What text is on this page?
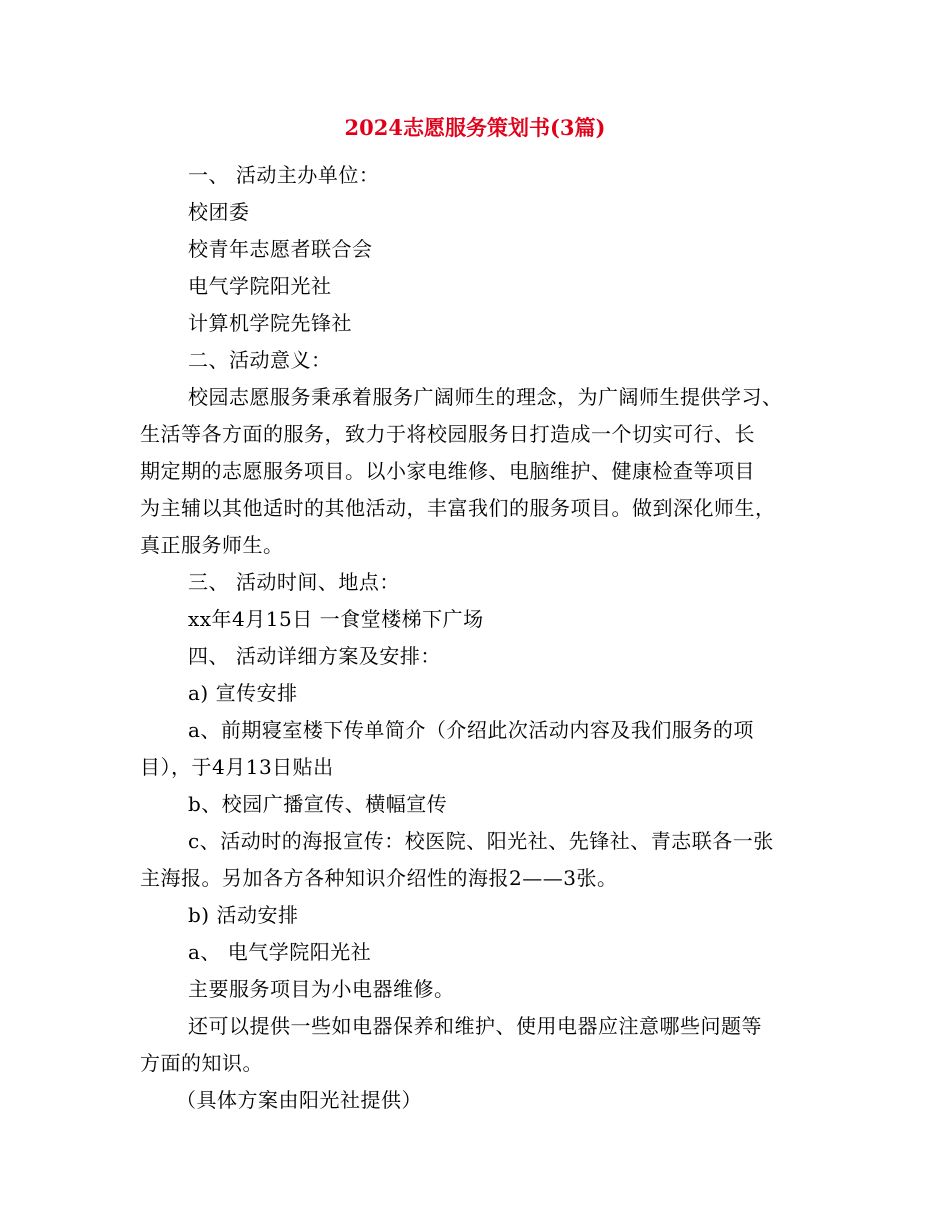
2024志愿服务策划书(3篇)
一、 活动主办单位：
校团委
校青年志愿者联合会
电气学院阳光社
计算机学院先锋社
二、活动意义：
校园志愿服务秉承着服务广阔师生的理念，为广阔师生提供学习、
生活等各方面的服务，致力于将校园服务日打造成一个切实可行、长
期定期的志愿服务项目。以小家电维修、电脑维护、健康检查等项目
为主辅以其他适时的其他活动，丰富我们的服务项目。做到深化师生，
真正服务师生。
三、 活动时间、地点：
xx年4月15日 一食堂楼梯下广场
四、 活动详细方案及安排：
a) 宣传安排
a、前期寝室楼下传单简介（介绍此次活动内容及我们服务的项
目），于4月13日贴出
b、校园广播宣传、横幅宣传
c、活动时的海报宣传：校医院、阳光社、先锋社、青志联各一张
主海报。另加各方各种知识介绍性的海报2——3张。
b) 活动安排
a、 电气学院阳光社
主要服务项目为小电器维修。
还可以提供一些如电器保养和维护、使用电器应注意哪些问题等
方面的知识。
（具体方案由阳光社提供）
